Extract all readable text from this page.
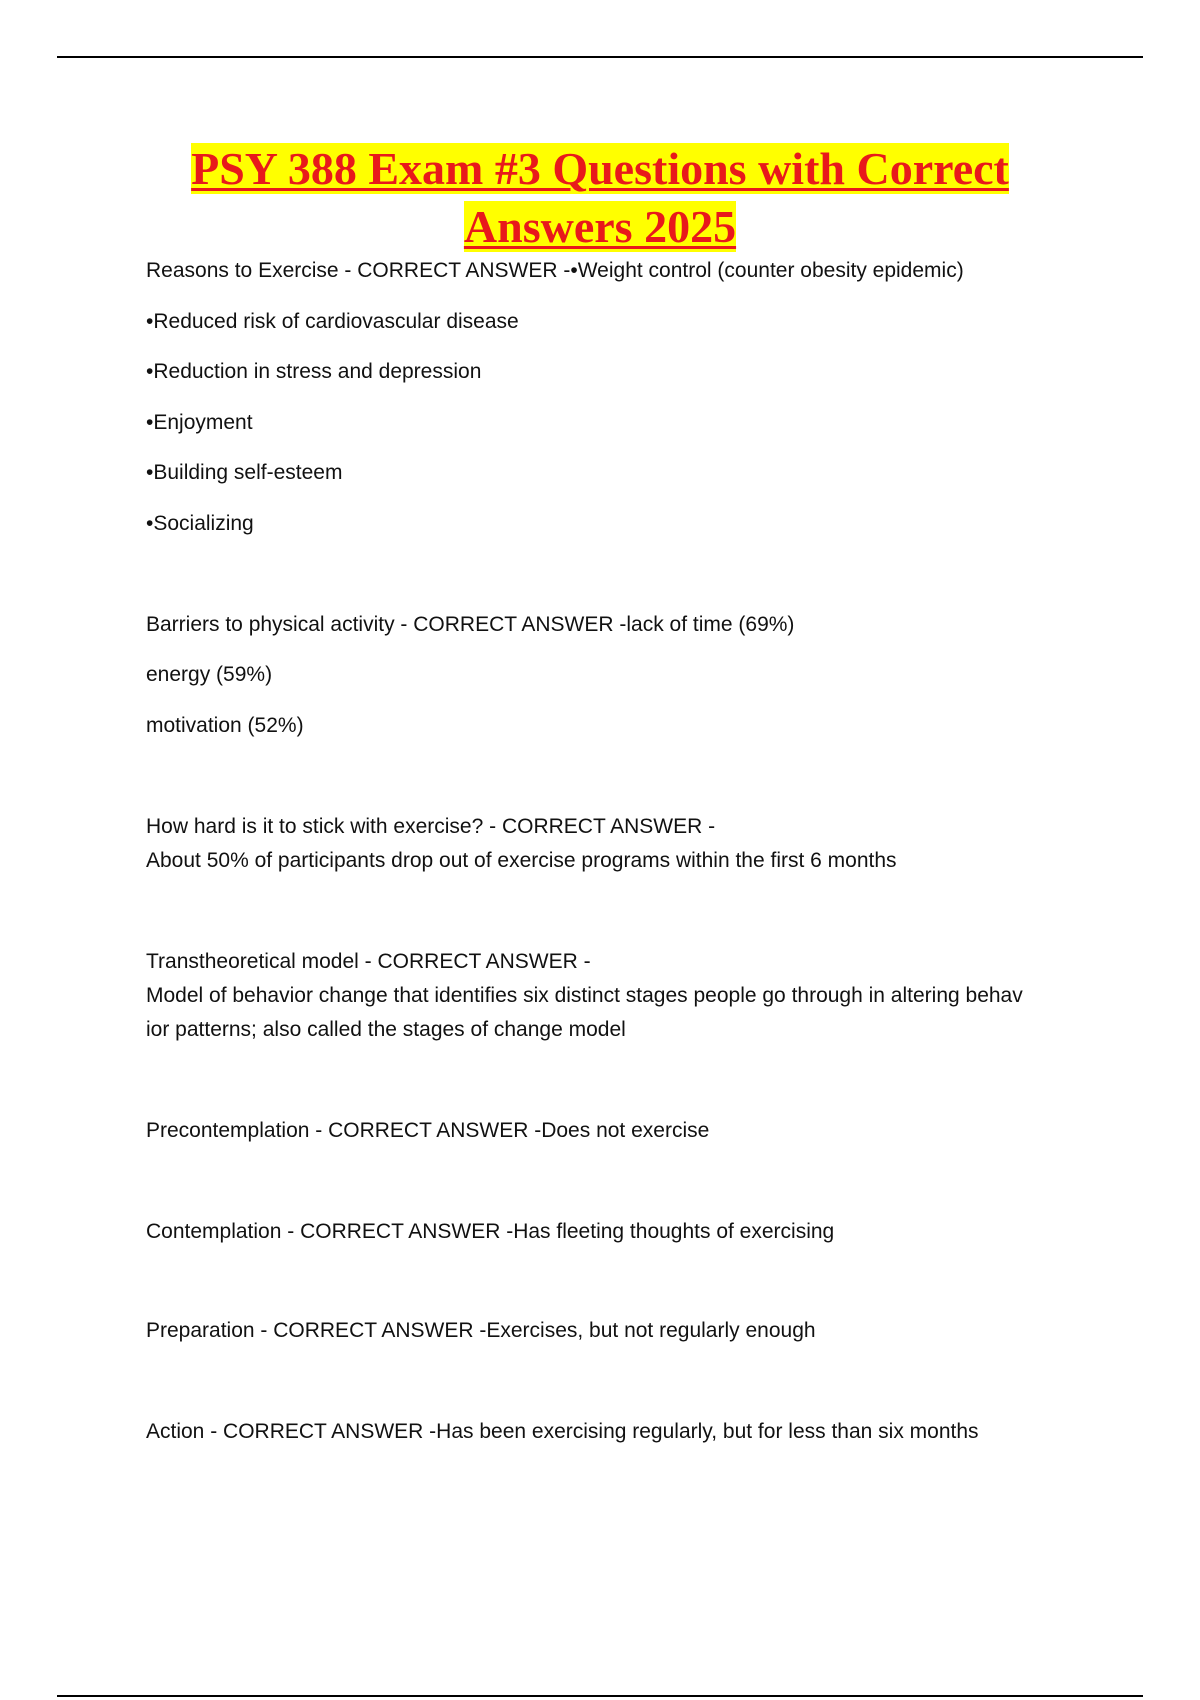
PSY 388 Exam #3 Questions with Correct
Answers 2025
Reasons to Exercise - CORRECT ANSWER -•Weight control (counter obesity epidemic)
•Reduced risk of cardiovascular disease
•Reduction in stress and depression
•Enjoyment
•Building self-esteem
•Socializing
Barriers to physical activity - CORRECT ANSWER -lack of time (69%)
energy (59%)
motivation (52%)
How hard is it to stick with exercise? - CORRECT ANSWER -
About 50% of participants drop out of exercise programs within the first 6 months
Transtheoretical model - CORRECT ANSWER -
Model of behavior change that identifies six distinct stages people go through in altering behav
ior patterns; also called the stages of change model
Precontemplation - CORRECT ANSWER -Does not exercise
Contemplation - CORRECT ANSWER -Has fleeting thoughts of exercising
Preparation - CORRECT ANSWER -Exercises, but not regularly enough
Action - CORRECT ANSWER -Has been exercising regularly, but for less than six months
